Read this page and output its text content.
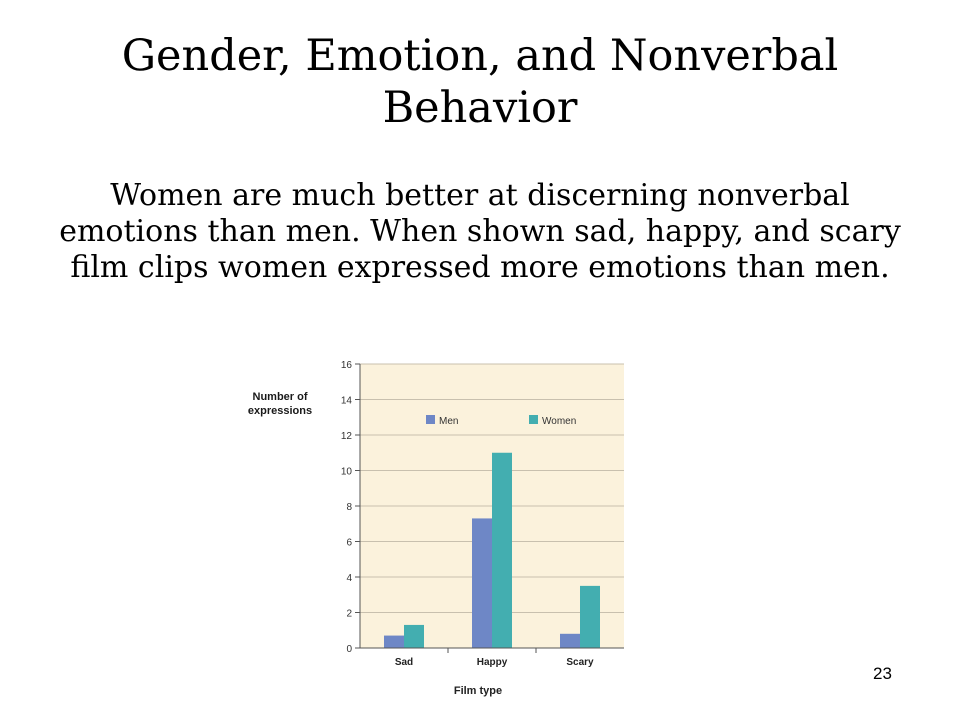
Gender, Emotion, and Nonverbal Behavior

Women are much better at discerning nonverbal emotions than men. When shown sad, happy, and scary film clips women expressed more emotions than men.

Number of expressions
0
2
4
6
8
10
12
14
16
Sad	Happy	Scary
Men	Women
Film type
23
